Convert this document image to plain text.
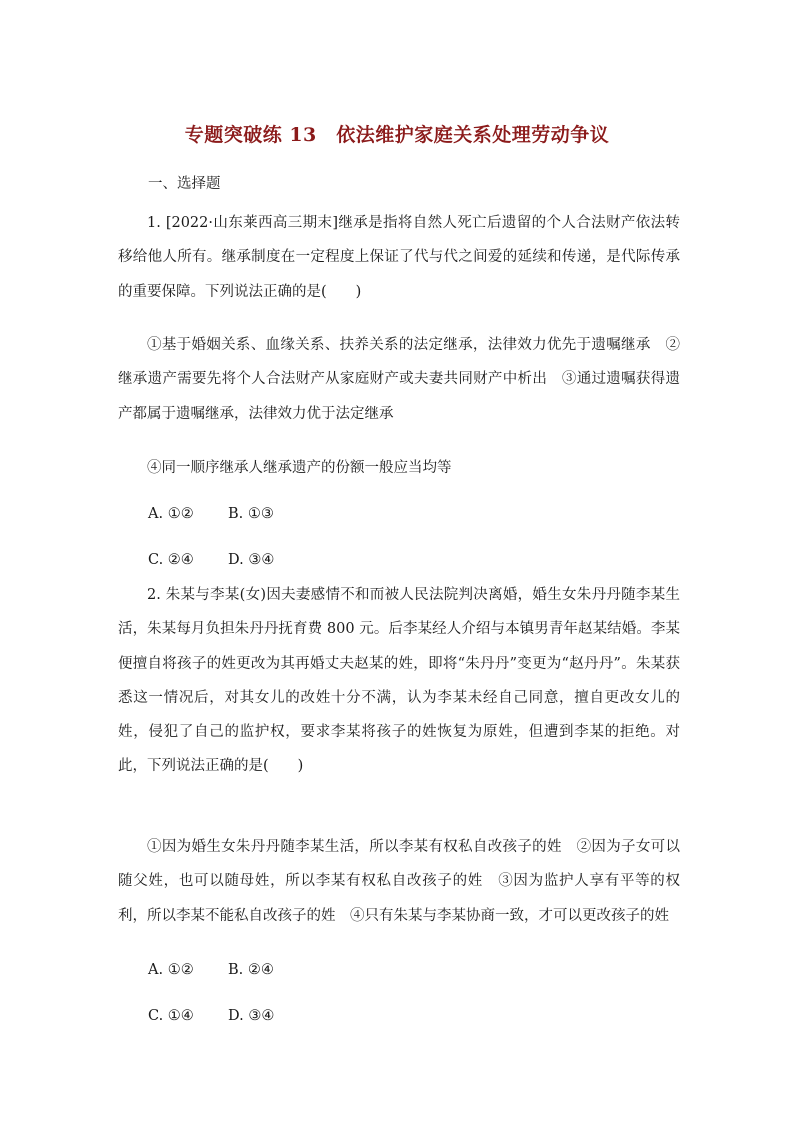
专题突破练 13　依法维护家庭关系处理劳动争议
一、选择题

1. [2022·山东莱西高三期末]继承是指将自然人死亡后遗留的个人合法财产依法转移给他人所有。继承制度在一定程度上保证了代与代之间爱的延续和传递，是代际传承的重要保障。下列说法正确的是(　　)

①基于婚姻关系、血缘关系、扶养关系的法定继承，法律效力优先于遗嘱继承　②继承遗产需要先将个人合法财产从家庭财产或夫妻共同财产中析出　③通过遗嘱获得遗产都属于遗嘱继承，法律效力优于法定继承

④同一顺序继承人继承遗产的份额一般应当均等

A. ①② B. ①③
C. ②④ D. ③④

2. 朱某与李某(女)因夫妻感情不和而被人民法院判决离婚，婚生女朱丹丹随李某生活，朱某每月负担朱丹丹抚育费 800 元。后李某经人介绍与本镇男青年赵某结婚。李某便擅自将孩子的姓更改为其再婚丈夫赵某的姓，即将“朱丹丹”变更为“赵丹丹”。朱某获悉这一情况后，对其女儿的改姓十分不满，认为李某未经自己同意，擅自更改女儿的姓，侵犯了自己的监护权，要求李某将孩子的姓恢复为原姓，但遭到李某的拒绝。对此，下列说法正确的是(　　)

①因为婚生女朱丹丹随李某生活，所以李某有权私自改孩子的姓　②因为子女可以随父姓，也可以随母姓，所以李某有权私自改孩子的姓　③因为监护人享有平等的权利，所以李某不能私自改孩子的姓　④只有朱某与李某协商一致，才可以更改孩子的姓

A. ①② B. ②④
C. ①④ D. ③④
